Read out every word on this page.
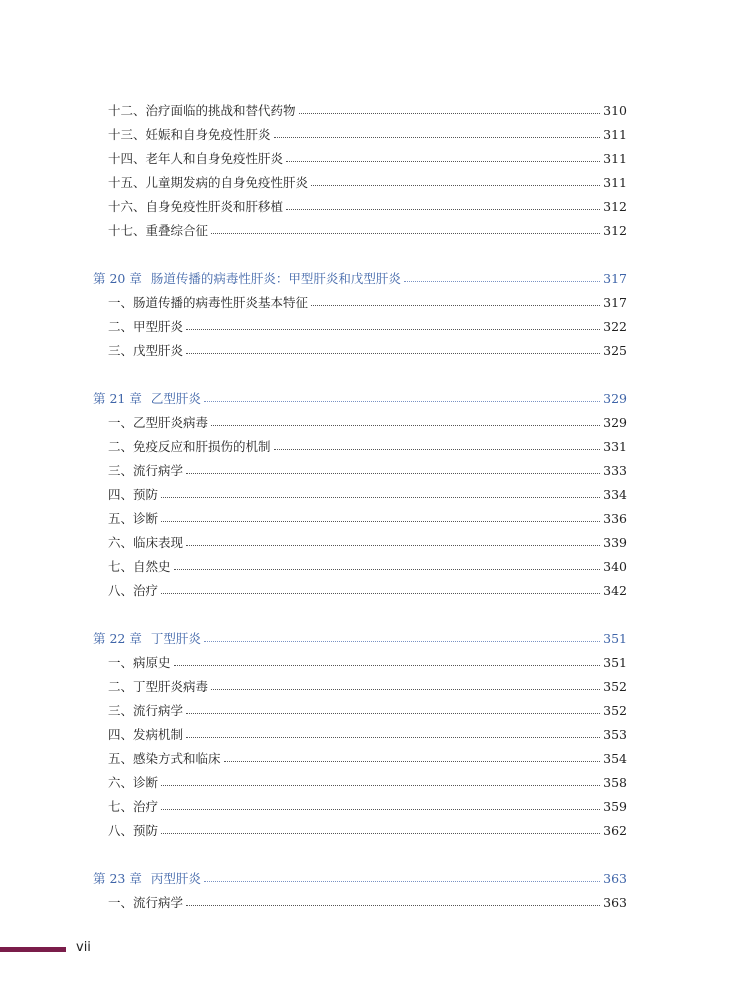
十二、治疗面临的挑战和替代药物	310
十三、妊娠和自身免疫性肝炎	311
十四、老年人和自身免疫性肝炎	311
十五、儿童期发病的自身免疫性肝炎	311
十六、自身免疫性肝炎和肝移植	312
十七、重叠综合征	312
第 20 章 肠道传播的病毒性肝炎：甲型肝炎和戊型肝炎	317
一、肠道传播的病毒性肝炎基本特征	317
二、甲型肝炎	322
三、戊型肝炎	325
第 21 章 乙型肝炎	329
一、乙型肝炎病毒	329
二、免疫反应和肝损伤的机制	331
三、流行病学	333
四、预防	334
五、诊断	336
六、临床表现	339
七、自然史	340
八、治疗	342
第 22 章 丁型肝炎	351
一、病原史	351
二、丁型肝炎病毒	352
三、流行病学	352
四、发病机制	353
五、感染方式和临床	354
六、诊断	358
七、治疗	359
八、预防	362
第 23 章 丙型肝炎	363
一、流行病学	363
vii
